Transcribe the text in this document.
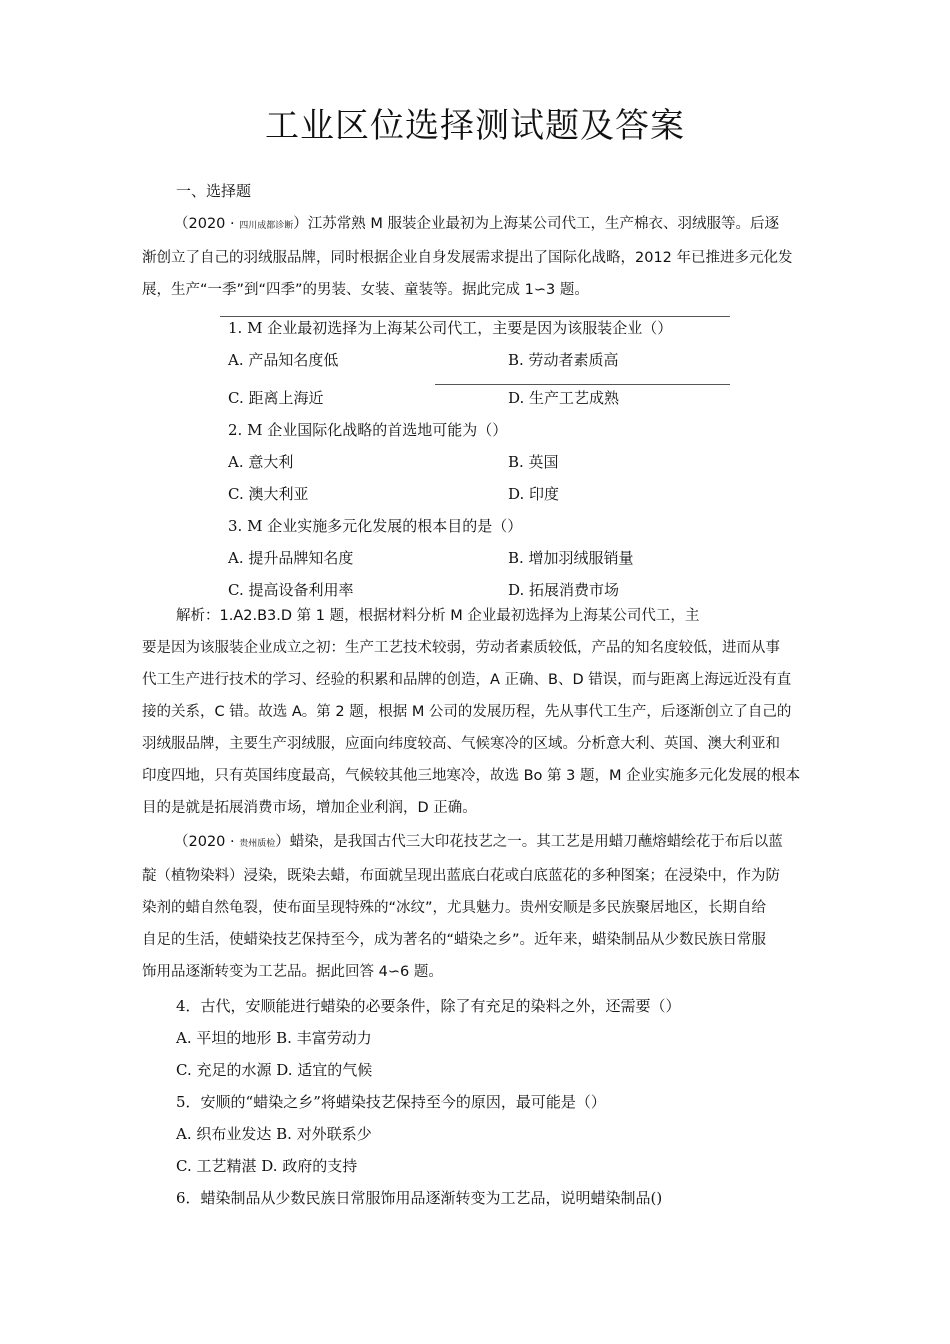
工业区位选择测试题及答案
一、选择题
（2020 · 四川成都诊断）江苏常熟 M 服装企业最初为上海某公司代工，生产棉衣、羽绒服等。后逐
渐创立了自己的羽绒服品牌，同时根据企业自身发展需求提出了国际化战略，2012 年已推进多元化发
展，生产“一季”到“四季”的男装、女装、童装等。据此完成 1∽3 题。
1. M 企业最初选择为上海某公司代工，主要是因为该服装企业（）
A. 产品知名度低	B. 劳动者素质高
C. 距离上海近	D. 生产工艺成熟
2. M 企业国际化战略的首选地可能为（）
A. 意大利	B. 英国
C. 澳大利亚	D. 印度
3. M 企业实施多元化发展的根本目的是（）
A. 提升品牌知名度	B. 增加羽绒服销量
C. 提高设备利用率	D. 拓展消费市场
解析：1.A2.B3.D 第 1 题，根据材料分析 M 企业最初选择为上海某公司代工，主
要是因为该服装企业成立之初：生产工艺技术较弱，劳动者素质较低，产品的知名度较低，进而从事
代工生产进行技术的学习、经验的积累和品牌的创造，A 正确、B、D 错误，而与距离上海远近没有直
接的关系，C 错。故选 A。第 2 题，根据 M 公司的发展历程，先从事代工生产，后逐渐创立了自己的
羽绒服品牌，主要生产羽绒服，应面向纬度较高、气候寒冷的区域。分析意大利、英国、澳大利亚和
印度四地，只有英国纬度最高，气候较其他三地寒冷，故选 Bo 第 3 题，M 企业实施多元化发展的根本
目的是就是拓展消费市场，增加企业利润，D 正确。
（2020 · 贵州质检）蜡染，是我国古代三大印花技艺之一。其工艺是用蜡刀蘸熔蜡绘花于布后以蓝
靛（植物染料）浸染，既染去蜡，布面就呈现出蓝底白花或白底蓝花的多种图案；在浸染中，作为防
染剂的蜡自然龟裂，使布面呈现特殊的“冰纹”，尤具魅力。贵州安顺是多民族聚居地区，长期自给
自足的生活，使蜡染技艺保持至今，成为著名的“蜡染之乡”。近年来，蜡染制品从少数民族日常服
饰用品逐渐转变为工艺品。据此回答 4∽6 题。
4．古代，安顺能进行蜡染的必要条件，除了有充足的染料之外，还需要（）
A. 平坦的地形 B. 丰富劳动力
C. 充足的水源 D. 适宜的气候
5．安顺的“蜡染之乡”将蜡染技艺保持至今的原因，最可能是（）
A. 织布业发达 B. 对外联系少
C. 工艺精湛 D. 政府的支持
6．蜡染制品从少数民族日常服饰用品逐渐转变为工艺品，说明蜡染制品()
